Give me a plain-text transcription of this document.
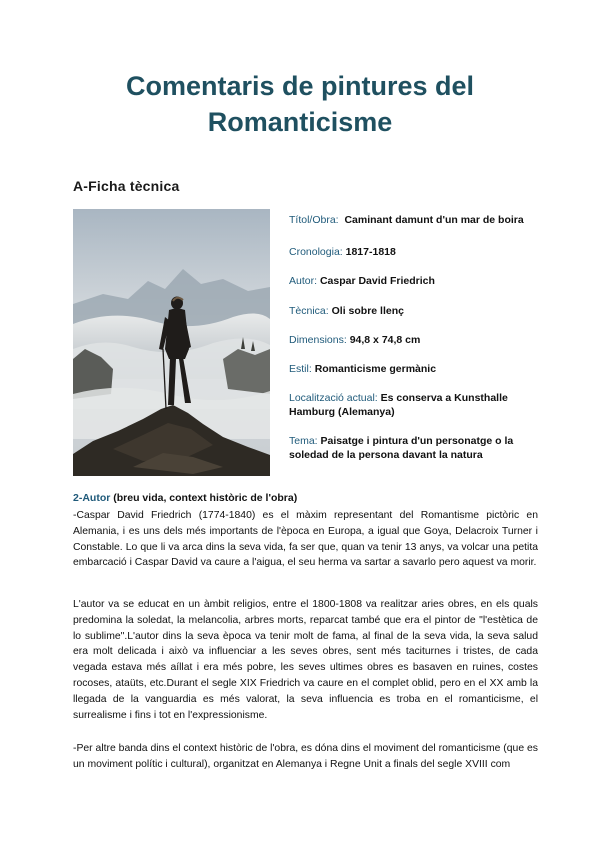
Comentaris de pintures del
Romanticisme
A-Ficha tècnica
Títol/Obra: Caminant damunt d'un mar de boira
Cronologia: 1817-1818
Autor: Caspar David Friedrich
Tècnica: Oli sobre llenç
Dimensions: 94,8 x 74,8 cm
Estil: Romanticisme germànic
Localització actual: Es conserva a Kunsthalle Hamburg (Alemanya)
Tema: Paisatge i pintura d'un personatge o la soledad de la persona davant la natura
2-Autor (breu vida, context històric de l'obra)

-Caspar David Friedrich (1774-1840) es el màxim representant del Romantisme pictòric en Alemania, i es uns dels més importants de l'època en Europa, a igual que Goya, Delacroix Turner i Constable. Lo que li va arca dins la seva vida, fa ser que, quan va tenir 13 anys, va volcar una petita embarcació i Caspar David va caure a l'aigua, el seu herma va sartar a savarlo pero aquest va morir.

L'autor va se educat en un àmbit religios, entre el 1800-1808 va realitzar aries obres, en els quals predomina la soledat, la melancolia, arbres morts, reparcat també que era el pintor de "l'estètica de lo sublime".L'autor dins la seva època va tenir molt de fama, al final de la seva vida, la seva salud era molt delicada i això va influenciar a les seves obres, sent més taciturnes i tristes, de cada vegada estava més aíllat i era més pobre, les seves ultimes obres es basaven en ruines, costes rocoses, ataüts, etc.Durant el segle XIX Friedrich va caure en el complet oblid, pero en el XX amb la llegada de la vanguardia es més valorat, la seva influencia es troba en el romanticisme, el surrealisme i fins i tot en l'expressionisme.

-Per altre banda dins el context històric de l'obra, es dóna dins el moviment del romanticisme (que es un moviment polític i cultural), organitzat en Alemanya i Regne Unit a finals del segle XVIII com
